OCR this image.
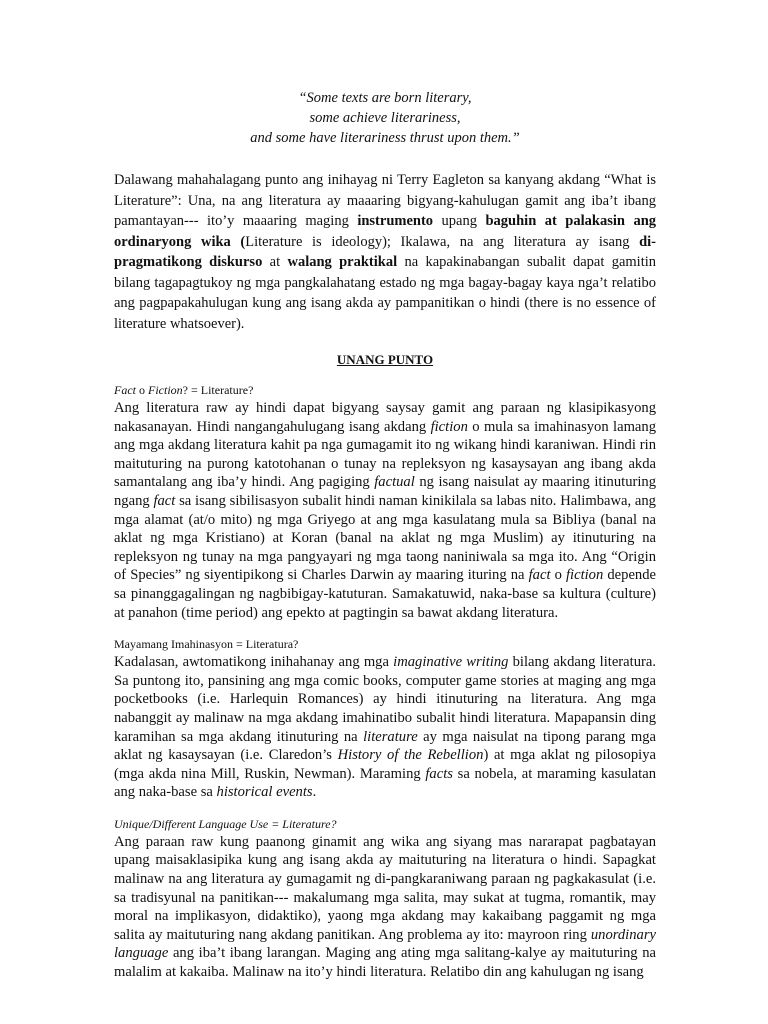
“Some texts are born literary,
some achieve literariness,
and some have literariness thrust upon them.”

Dalawang mahahalagang punto ang inihayag ni Terry Eagleton sa kanyang akdang “What is Literature”: Una, na ang literatura ay maaaring bigyang-kahulugan gamit ang iba’t ibang pamantayan--- ito’y maaaring maging instrumento upang baguhin at palakasin ang ordinaryong wika (Literature is ideology); Ikalawa, na ang literatura ay isang di-pragmatikong diskurso at walang praktikal na kapakinabangan subalit dapat gamitin bilang tagapagtukoy ng mga pangkalahatang estado ng mga bagay-bagay kaya nga’t relatibo ang pagpapakahulugan kung ang isang akda ay pampanitikan o hindi (there is no essence of literature whatsoever).

UNANG PUNTO
Fact o Fiction? = Literature?

Ang literatura raw ay hindi dapat bigyang saysay gamit ang paraan ng klasipikasyong nakasanayan. Hindi nangangahulugang isang akdang fiction o mula sa imahinasyon lamang ang mga akdang literatura kahit pa nga gumagamit ito ng wikang hindi karaniwan. Hindi rin maituturing na purong katotohanan o tunay na repleksyon ng kasaysayan ang ibang akda samantalang ang iba’y hindi. Ang pagiging factual ng isang naisulat ay maaring itinuturing ngang fact sa isang sibilisasyon subalit hindi naman kinikilala sa labas nito. Halimbawa, ang mga alamat (at/o mito) ng mga Griyego at ang mga kasulatang mula sa Bibliya (banal na aklat ng mga Kristiano) at Koran (banal na aklat ng mga Muslim) ay itinuturing na repleksyon ng tunay na mga pangyayari ng mga taong naniniwala sa mga ito. Ang “Origin of Species” ng siyentipikong si Charles Darwin ay maaring ituring na fact o fiction depende sa pinanggagalingan ng nagbibigay-katuturan. Samakatuwid, naka-base sa kultura (culture) at panahon (time period) ang epekto at pagtingin sa bawat akdang literatura.

Mayamang Imahinasyon = Literatura?

Kadalasan, awtomatikong inihahanay ang mga imaginative writing bilang akdang literatura. Sa puntong ito, pansining ang mga comic books, computer game stories at maging ang mga pocketbooks (i.e. Harlequin Romances) ay hindi itinuturing na literatura. Ang mga nabanggit ay malinaw na mga akdang imahinatibo subalit hindi literatura. Mapapansin ding karamihan sa mga akdang itinuturing na literature ay mga naisulat na tipong parang mga aklat ng kasaysayan (i.e. Claredon’s History of the Rebellion) at mga aklat ng pilosopiya (mga akda nina Mill, Ruskin, Newman). Maraming facts sa nobela, at maraming kasulatan ang naka-base sa historical events.

Unique/Different Language Use = Literature?

Ang paraan raw kung paanong ginamit ang wika ang siyang mas nararapat pagbatayan upang maisaklasipika kung ang isang akda ay maituturing na literatura o hindi. Sapagkat malinaw na ang literatura ay gumagamit ng di-pangkaraniwang paraan ng pagkakasulat (i.e. sa tradisyunal na panitikan--- makalumang mga salita, may sukat at tugma, romantik, may moral na implikasyon, didaktiko), yaong mga akdang may kakaibang paggamit ng mga salita ay maituturing nang akdang panitikan. Ang problema ay ito: mayroon ring unordinary language ang iba’t ibang larangan. Maging ang ating mga salitang-kalye ay maituturing na malalim at kakaiba. Malinaw na ito’y hindi literatura. Relatibo din ang kahulugan ng isang
